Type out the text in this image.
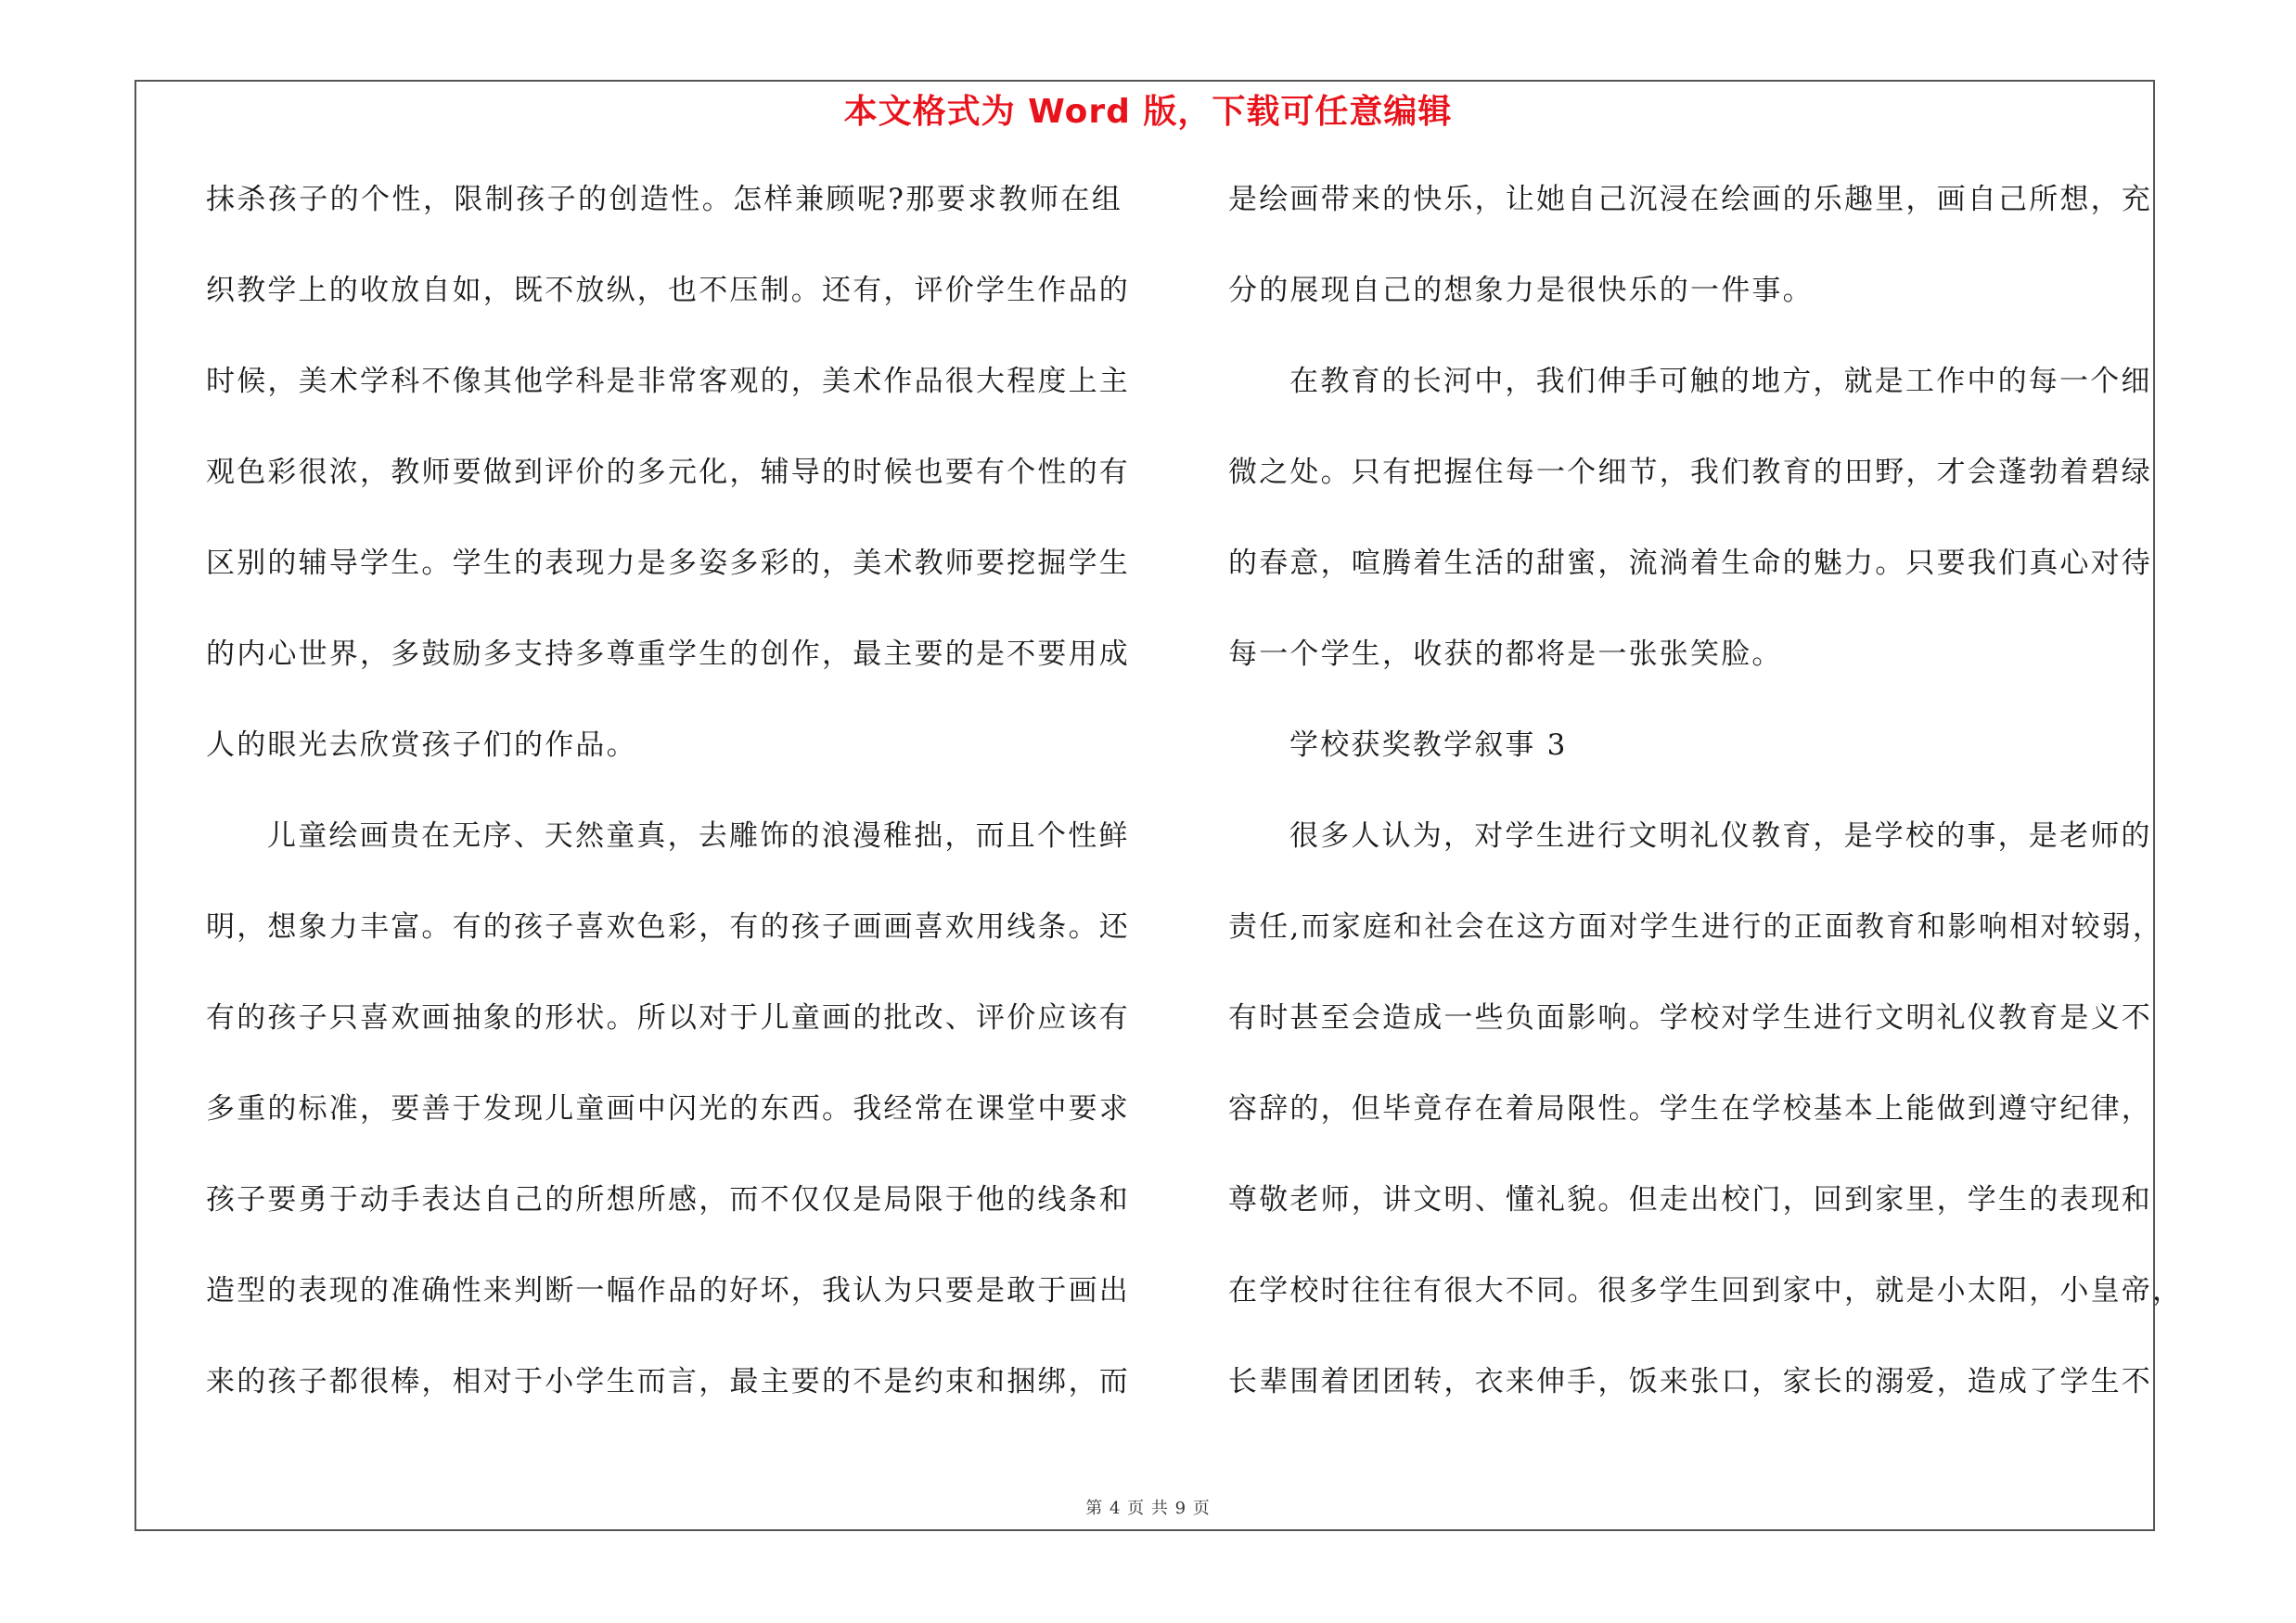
本文格式为 Word 版，下载可任意编辑
抹杀孩子的个性，限制孩子的创造性。怎样兼顾呢?那要求教师在组
织教学上的收放自如，既不放纵，也不压制。还有，评价学生作品的
时候，美术学科不像其他学科是非常客观的，美术作品很大程度上主
观色彩很浓，教师要做到评价的多元化，辅导的时候也要有个性的有
区别的辅导学生。学生的表现力是多姿多彩的，美术教师要挖掘学生
的内心世界，多鼓励多支持多尊重学生的创作，最主要的是不要用成
人的眼光去欣赏孩子们的作品。
儿童绘画贵在无序、天然童真，去雕饰的浪漫稚拙，而且个性鲜
明，想象力丰富。有的孩子喜欢色彩，有的孩子画画喜欢用线条。还
有的孩子只喜欢画抽象的形状。所以对于儿童画的批改、评价应该有
多重的标准，要善于发现儿童画中闪光的东西。我经常在课堂中要求
孩子要勇于动手表达自己的所想所感，而不仅仅是局限于他的线条和
造型的表现的准确性来判断一幅作品的好坏，我认为只要是敢于画出
来的孩子都很棒，相对于小学生而言，最主要的不是约束和捆绑，而
是绘画带来的快乐，让她自己沉浸在绘画的乐趣里，画自己所想，充
分的展现自己的想象力是很快乐的一件事。
在教育的长河中，我们伸手可触的地方，就是工作中的每一个细
微之处。只有把握住每一个细节，我们教育的田野，才会蓬勃着碧绿
的春意，喧腾着生活的甜蜜，流淌着生命的魅力。只要我们真心对待
每一个学生，收获的都将是一张张笑脸。
学校获奖教学叙事 3
很多人认为，对学生进行文明礼仪教育，是学校的事，是老师的
责任,而家庭和社会在这方面对学生进行的正面教育和影响相对较弱，
有时甚至会造成一些负面影响。学校对学生进行文明礼仪教育是义不
容辞的，但毕竟存在着局限性。学生在学校基本上能做到遵守纪律，
尊敬老师，讲文明、懂礼貌。但走出校门，回到家里，学生的表现和
在学校时往往有很大不同。很多学生回到家中，就是小太阳，小皇帝，
长辈围着团团转，衣来伸手，饭来张口，家长的溺爱，造成了学生不
第 4 页 共 9 页
